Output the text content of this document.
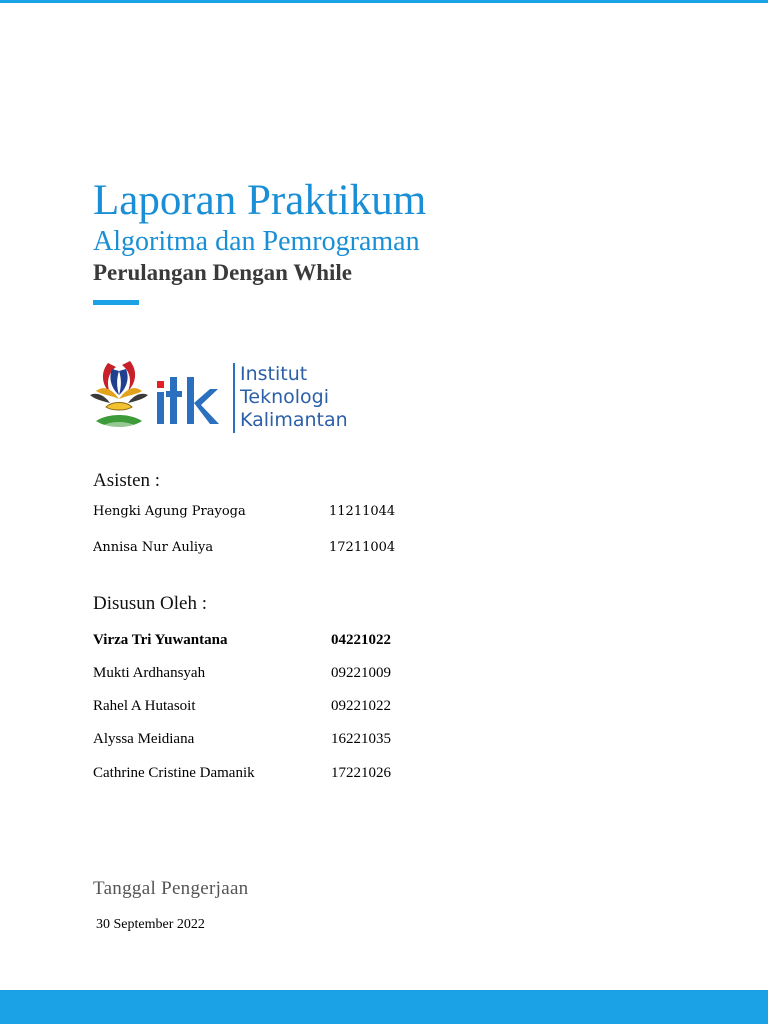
Laporan Praktikum
Algoritma dan Pemrograman
Perulangan Dengan While
Institut
Teknologi
Kalimantan
Asisten :
Hengki Agung Prayoga	11211044
Annisa Nur Auliya	17211004
Disusun Oleh :
Virza Tri Yuwantana	04221022
Mukti Ardhansyah	09221009
Rahel A Hutasoit	09221022
Alyssa Meidiana	16221035
Cathrine Cristine Damanik	17221026
Tanggal Pengerjaan
30 September 2022
